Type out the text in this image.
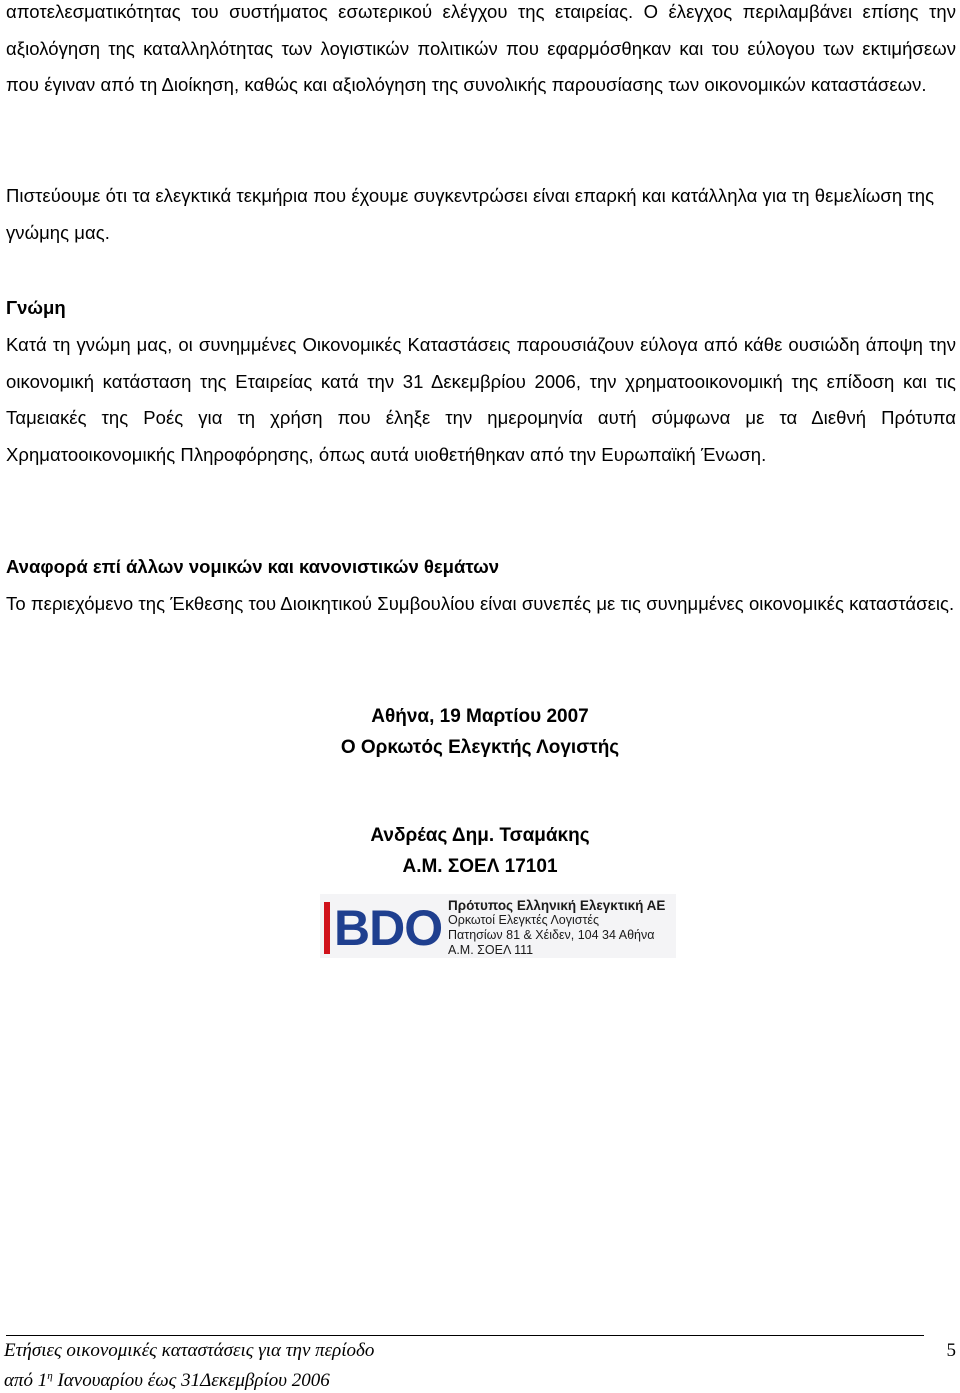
αποτελεσματικότητας του συστήματος εσωτερικού ελέγχου της εταιρείας. Ο έλεγχος περιλαμβάνει επίσης την αξιολόγηση της καταλληλότητας των λογιστικών πολιτικών που εφαρμόσθηκαν και του εύλογου των εκτιμήσεων που έγιναν από τη Διοίκηση, καθώς και αξιολόγηση της συνολικής παρουσίασης των οικονομικών καταστάσεων.

Πιστεύουμε ότι τα ελεγκτικά τεκμήρια που έχουμε συγκεντρώσει είναι επαρκή και κατάλληλα για τη θεμελίωση της γνώμης μας.

Γνώμη

Κατά τη γνώμη μας, οι συνημμένες Οικονομικές Καταστάσεις παρουσιάζουν εύλογα από κάθε ουσιώδη άποψη την οικονομική κατάσταση της Εταιρείας κατά την 31 Δεκεμβρίου 2006, την χρηματοοικονομική της επίδοση και τις Ταμειακές της Ροές για τη χρήση που έληξε την ημερομηνία αυτή σύμφωνα με τα Διεθνή Πρότυπα Χρηματοοικονομικής Πληροφόρησης, όπως αυτά υιοθετήθηκαν από την Ευρωπαϊκή Ένωση.

Αναφορά επί άλλων νομικών και κανονιστικών θεμάτων

Το περιεχόμενο της Έκθεσης του Διοικητικού Συμβουλίου είναι συνεπές με τις συνημμένες οικονομικές καταστάσεις.

Αθήνα, 19 Μαρτίου 2007
Ο Ορκωτός Ελεγκτής Λογιστής
Ανδρέας Δημ. Τσαμάκης
Α.Μ. ΣΟΕΛ 17101
BDO Πρότυπος Ελληνική Ελεγκτική ΑΕ
Ορκωτοί Ελεγκτές Λογιστές
Πατησίων 81 & Χέιδεν, 104 34 Αθήνα
Α.Μ. ΣΟΕΛ 111
Ετήσιες οικονομικές καταστάσεις για την περίοδο
από $1^\eta$ Ιανουαρίου έως 31Δεκεμβρίου 2006
5
